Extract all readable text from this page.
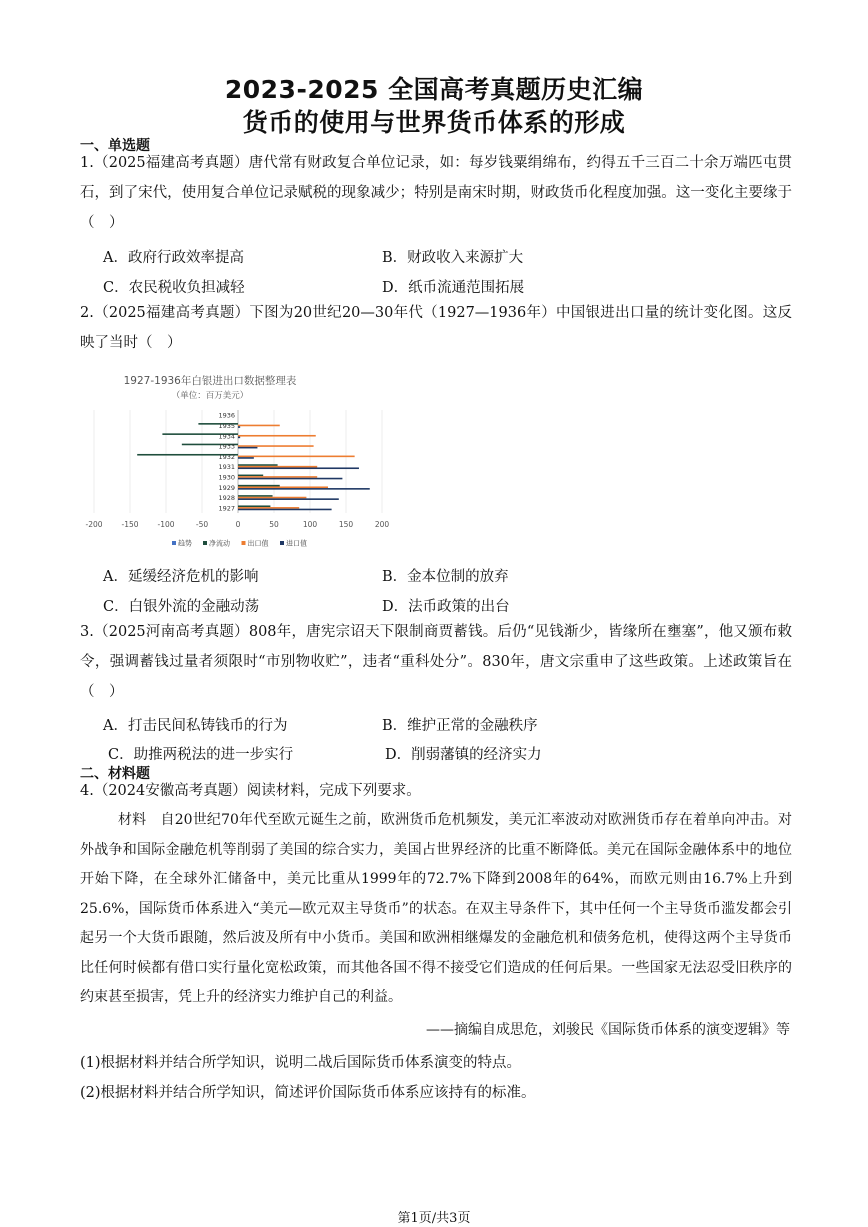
2023-2025 全国高考真题历史汇编
货币的使用与世界货币体系的形成
一、单选题
1.（2025福建高考真题）唐代常有财政复合单位记录，如：每岁钱粟绢绵布，约得五千三百二十余万端匹屯贯石，到了宋代，使用复合单位记录赋税的现象减少；特别是南宋时期，财政货币化程度加强。这一变化主要缘于（　）
A．政府行政效率提高	B．财政收入来源扩大
C．农民税收负担减轻	D．纸币流通范围拓展
2.（2025福建高考真题）下图为20世纪20—30年代（1927—1936年）中国银进出口量的统计变化图。这反映了当时（　）
1927-1936年白银进出口数据整理表
（单位：百万美元）
1927
1928
1929
1930
1931
1932
1933
1934
1935
1936
-200	-150	-100	-50	0	50	100	150	200
趋势 净流动	出口值	进口值
A．延缓经济危机的影响	B．金本位制的放弃
C．白银外流的金融动荡	D．法币政策的出台
3.（2025河南高考真题）808年，唐宪宗诏天下限制商贾蓄钱。后仍“见钱渐少，皆缘所在壅塞”，他又颁布敕令，强调蓄钱过量者须限时“市别物收贮”，违者“重科处分”。830年，唐文宗重申了这些政策。上述政策旨在（　）
A．打击民间私铸钱币的行为	B．维护正常的金融秩序
C．助推两税法的进一步实行	D．削弱藩镇的经济实力
二、材料题
4.（2024安徽高考真题）阅读材料，完成下列要求。
材料　自20世纪70年代至欧元诞生之前，欧洲货币危机频发，美元汇率波动对欧洲货币存在着单向冲击。对外战争和国际金融危机等削弱了美国的综合实力，美国占世界经济的比重不断降低。美元在国际金融体系中的地位开始下降，在全球外汇储备中，美元比重从1999年的72.7%下降到2008年的64%，而欧元则由16.7%上升到25.6%，国际货币体系进入“美元—欧元双主导货币”的状态。在双主导条件下，其中任何一个主导货币滥发都会引起另一个大货币跟随，然后波及所有中小货币。美国和欧洲相继爆发的金融危机和债务危机，使得这两个主导货币比任何时候都有借口实行量化宽松政策，而其他各国不得不接受它们造成的任何后果。一些国家无法忍受旧秩序的约束甚至损害，凭上升的经济实力维护自己的利益。
——摘编自成思危，刘骏民《国际货币体系的演变逻辑》等
(1)根据材料并结合所学知识，说明二战后国际货币体系演变的特点。
(2)根据材料并结合所学知识，简述评价国际货币体系应该持有的标准。
第1页/共3页
